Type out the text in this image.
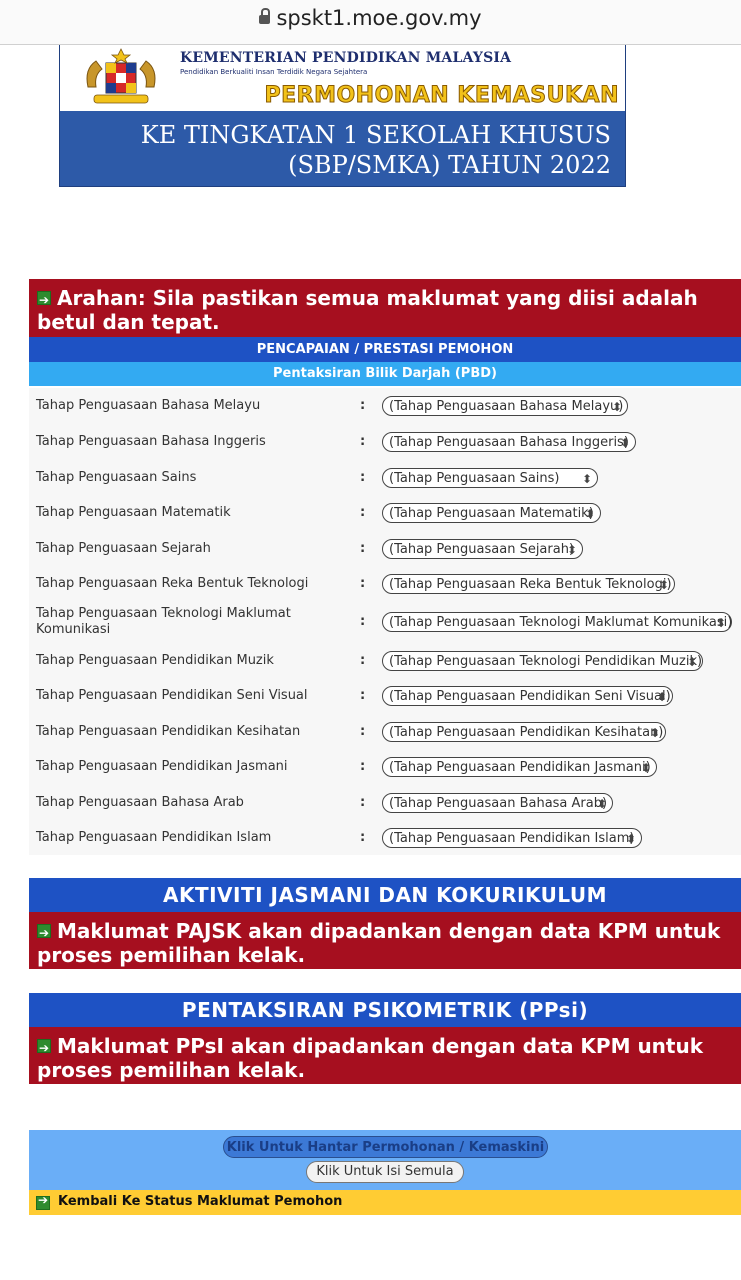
spskt1.moe.gov.my
KEMENTERIAN PENDIDIKAN MALAYSIA
Pendidikan Berkualiti Insan Terdidik Negara Sejahtera
PERMOHONAN KEMASUKAN
KE TINGKATAN 1 SEKOLAH KHUSUS
(SBP/SMKA) TAHUN 2022
➔Arahan: Sila pastikan semua maklumat yang diisi adalah betul dan tepat.
PENCAPAIAN / PRESTASI PEMOHON
Pentaksiran Bilik Darjah (PBD)
Tahap Penguasaan Bahasa Melayu	:	(Tahap Penguasaan Bahasa Melayu) ⬍
Tahap Penguasaan Bahasa Inggeris	:	(Tahap Penguasaan Bahasa Inggeris) ⬍
Tahap Penguasaan Sains	:	(Tahap Penguasaan Sains) ⬍
Tahap Penguasaan Matematik	:	(Tahap Penguasaan Matematik) ⬍
Tahap Penguasaan Sejarah	:	(Tahap Penguasaan Sejarah) ⬍
Tahap Penguasaan Reka Bentuk Teknologi	:	(Tahap Penguasaan Reka Bentuk Teknologi) ⬍
Tahap Penguasaan Teknologi Maklumat Komunikasi
:	(Tahap Penguasaan Teknologi Maklumat Komunikasi) ⬍
Tahap Penguasaan Pendidikan Muzik	:	(Tahap Penguasaan Teknologi Pendidikan Muzik) ⬍
Tahap Penguasaan Pendidikan Seni Visual	:	(Tahap Penguasaan Pendidikan Seni Visual) ⬍
Tahap Penguasaan Pendidikan Kesihatan	:	(Tahap Penguasaan Pendidikan Kesihatan) ⬍
Tahap Penguasaan Pendidikan Jasmani	:	(Tahap Penguasaan Pendidikan Jasmani) ⬍
Tahap Penguasaan Bahasa Arab	:	(Tahap Penguasaan Bahasa Arab) ⬍
Tahap Penguasaan Pendidikan Islam	:	(Tahap Penguasaan Pendidikan Islam) ⬍
AKTIVITI JASMANI DAN KOKURIKULUM
➔Maklumat PAJSK akan dipadankan dengan data KPM untuk proses pemilihan kelak.
PENTAKSIRAN PSIKOMETRIK (PPsi)
➔Maklumat PPsI akan dipadankan dengan data KPM untuk proses pemilihan kelak.
Klik Untuk Hantar Permohonan / Kemaskini
Klik Untuk Isi Semula
➔
Kembali Ke Status Maklumat Pemohon
